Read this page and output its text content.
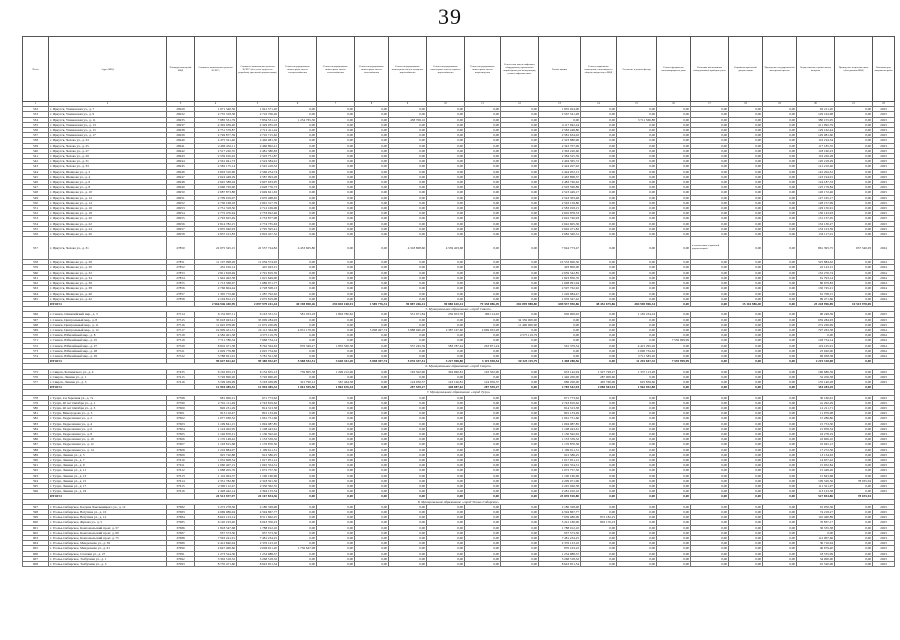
39
№ п/п	Адрес МКД	Площадь помещений МКД	Стоимость капитального ремонта ВСЕГО	Стоимость капитального ремонта ВСЕГО (без учета средств на разработку проектной документации)	Ремонт внутридомовых инженерных систем электроснабжения	Ремонт внутридомовых инженерных систем теплоснабжения	Ремонт внутридомовых инженерных систем газоснабжения	Ремонт внутридомовых инженерных систем холодного водоснабжения	Ремонт внутридомовых инженерных систем горячего водоснабжения	Ремонт внутридомовых инженерных систем водоотведения	Ремонт или замена лифтового оборудования, признанного непригодным для эксплуатации, ремонт лифтовых шахт	Ремонт крыши	Ремонт подвальных помещений, относящихся к общему имуществу в МКД	Утепление и ремонт фасада	Ремонт фундамента многоквартирного дома	Установка коллективных (общедомовых) приборов учета	Разработка проектной документации	Проведение государственной экспертизы проекта	Осуществление строительного контроля	Проведение энергетического обследования МКД	Плановая дата завершения работ
1	2	3	4	5	6	7	8	9	10	11	12	13	14	15	16	17	18	19	20	21	22
532	г. Иркутск, Ушаковская ул., д. 7	20929	1 971 340,56	1 941 571,20	0,00	0,00	0,00	0,00	0,00	0,00	0,00	1 835 024,00	0,00	0,00	0,00	0,00	0,00	0,00	92 211,20	0,00	2023
533	г. Иркутск, Ушаковская ул., д. 9	26932	2 755 318,38	2 716 706,26	0,00	0,00	0,00	0,00	0,00	0,00	0,00	2 567 541,28	0,00	0,00	0,00	0,00	0,00	0,00	129 164,98	0,00	2023
534	г. Иркутск, Ушаковская ул., д. 11	26935	7 985 531,79	7 834 531,12	1 254 765,30	0,00	0,00	458 706,16	0,00	0,00	0,00	0,00	0,00	3 711 566,88	0,00	0,00	0,00	0,00	380 155,95	0,00	2023
535	г. Иркутск, Ушаковская ул., д. 13	26937	4 392 039,40	4 329 035,03	0,00	0,00	0,00	0,00	0,00	0,00	0,00	4 117 942,24	0,00	0,00	0,00	0,00	0,00	0,00	211 092,79	0,00	2023
536	г. Иркутск, Ушаковская ул., д. 15	26938	2 751 579,87	2 712 411,24	0,00	0,00	0,00	0,00	0,00	0,00	0,00	2 583 248,80	0,00	0,00	0,00	0,00	0,00	0,00	129 162,44	0,00	2023
537	г. Иркутск, Ушаковская ул., д. 17	26939	2 749 877,39	2 710 715,62	0,00	0,00	0,00	0,00	0,00	0,00	0,00	2 581 634,02	0,00	0,00	0,00	0,00	0,00	0,00	129 081,60	0,00	2023
538	г. Иркутск, Чехова ул., д. 23	26940	2 475 321,46	2 440 081,30	0,00	0,00	0,00	0,00	0,00	0,00	0,00	2 323 886,96	0,00	0,00	0,00	0,00	0,00	0,00	116 194,34	0,00	2023
539	г. Иркутск, Чехова ул., д. 25	26941	2 496 432,11	2 460 892,41	0,00	0,00	0,00	0,00	0,00	0,00	0,00	2 343 707,06	0,00	0,00	0,00	0,00	0,00	0,00	117 185,35	0,00	2023
540	г. Иркутск, Чехова ул., д. 27	26942	2 517 220,55	2 481 380,83	0,00	0,00	0,00	0,00	0,00	0,00	0,00	2 363 220,60	0,00	0,00	0,00	0,00	0,00	0,00	118 160,23	0,00	2023
541	г. Иркутск, Чехова ул., д. 29	26943	2 539 910,42	2 503 751,87	0,00	0,00	0,00	0,00	0,00	0,00	0,00	2 384 525,59	0,00	0,00	0,00	0,00	0,00	0,00	119 226,28	0,00	2023
542	г. Иркутск, Чехова ул., д. 31	26944	2 561 041,73	2 524 584,01	0,00	0,00	0,00	0,00	0,00	0,00	0,00	2 404 365,72	0,00	0,00	0,00	0,00	0,00	0,00	120 218,29	0,00	2023
543	г. Иркутск, Чехова ул., д. 33	26945	2 582 175,14	2 545 418,32	0,00	0,00	0,00	0,00	0,00	0,00	0,00	2 424 207,92	0,00	0,00	0,00	0,00	0,00	0,00	121 210,40	0,00	2023
544	г. Иркутск, Шевцова ул., д. 2	26946	2 603 310,66	2 566 254,74	0,00	0,00	0,00	0,00	0,00	0,00	0,00	2 444 052,13	0,00	0,00	0,00	0,00	0,00	0,00	122 202,61	0,00	2023
545	г. Иркутск, Шевцова ул., д. 4	26947	2 624 448,29	2 587 093,28	0,00	0,00	0,00	0,00	0,00	0,00	0,00	2 463 898,37	0,00	0,00	0,00	0,00	0,00	0,00	123 194,91	0,00	2023
546	г. Иркутск, Шевцова ул., д. 6	26948	2 645 588,04	2 607 933,95	0,00	0,00	0,00	0,00	0,00	0,00	0,00	2 483 746,62	0,00	0,00	0,00	0,00	0,00	0,00	124 187,33	0,00	2023
547	г. Иркутск, Шевцова ул., д. 8	26949	2 666 729,90	2 628 776,73	0,00	0,00	0,00	0,00	0,00	0,00	0,00	2 503 596,89	0,00	0,00	0,00	0,00	0,00	0,00	125 179,84	0,00	2023
548	г. Иркутск, Шевцова ул., д. 10	26950	2 687 873,88	2 649 621,63	0,00	0,00	0,00	0,00	0,00	0,00	0,00	2 523 449,17	0,00	0,00	0,00	0,00	0,00	0,00	126 172,46	0,00	2023
549	г. Иркутск, Шевцова ул., д. 12	26951	2 709 019,97	2 670 468,65	0,00	0,00	0,00	0,00	0,00	0,00	0,00	2 543 303,48	0,00	0,00	0,00	0,00	0,00	0,00	127 165,17	0,00	2023
550	г. Иркутск, Шевцова ул., д. 14	26952	2 730 168,18	2 691 317,79	0,00	0,00	0,00	0,00	0,00	0,00	0,00	2 563 159,80	0,00	0,00	0,00	0,00	0,00	0,00	128 157,99	0,00	2023
551	г. Иркутск, Шевцова ул., д. 16	26953	2 751 318,50	2 712 169,06	0,00	0,00	0,00	0,00	0,00	0,00	0,00	2 583 018,15	0,00	0,00	0,00	0,00	0,00	0,00	129 150,91	0,00	2023
552	г. Иркутск, Шевцова ул., д. 18	26954	2 772 470,94	2 733 022,46	0,00	0,00	0,00	0,00	0,00	0,00	0,00	2 602 878,53	0,00	0,00	0,00	0,00	0,00	0,00	130 143,93	0,00	2023
553	г. Иркутск, Шевцова ул., д. 20	26955	2 793 625,49	2 753 877,98	0,00	0,00	0,00	0,00	0,00	0,00	0,00	2 622 740,93	0,00	0,00	0,00	0,00	0,00	0,00	131 137,05	0,00	2023
554	г. Иркутск, Шевцова ул., д. 22	26956	2 814 782,15	2 774 735,63	0,00	0,00	0,00	0,00	0,00	0,00	0,00	2 642 605,36	0,00	0,00	0,00	0,00	0,00	0,00	132 130,27	0,00	2023
555	г. Иркутск, Шевцова ул., д. 24	26957	2 835 940,93	2 795 595,41	0,00	0,00	0,00	0,00	0,00	0,00	0,00	2 662 471,82	0,00	0,00	0,00	0,00	0,00	0,00	133 123,59	0,00	2023
556	г. Иркутск, Шевцова ул., д. 26	26958	2 857 101,83	2 816 457,32	0,00	0,00	0,00	0,00	0,00	0,00	0,00	2 682 340,31	0,00	0,00	0,00	0,00	0,00	0,00	134 117,01	0,00	2023
557	г. Иркутск, Чехова ул., д. 31	27850	22 075 345,15	22 557 724,82	4 453 605,80	0,00	0,00	4 318 808,60	4 539 403,68	0,00	0,00	7 944 773,47	0,00	0,00	0,00	в соответствии с принятой документацией	0,00	0,00	861 395,75	637 540,03	2024
558	г. Иркутск, Шевцова ул., д. 28	27851	11 107 098,26	11 059 574,92	0,00	0,00	0,00	0,00	0,00	0,00	0,00	10 533 690,30	0,00	0,00	0,00	0,00	0,00	0,00	525 884,62	0,00	2024
559	г. Иркутск, Шевцова ул., д. 30	27852	452 016,14	425 943,15	0,00	0,00	0,00	0,00	0,00	0,00	0,00	403 800,00	0,00	0,00	0,00	0,00	0,00	0,00	22 143,15	0,00	2024
560	г. Иркутск, Шевцова ул., д. 32	27853	2 811 818,49	2 791 819,59	0,00	0,00	0,00	0,00	0,00	0,00	0,00	2 659 542,85	0,00	0,00	0,00	0,00	0,00	0,00	132 276,74	0,00	2024
561	г. Иркутск, Шевцова ул., д. 34	27854	1 942 402,58	1 915 649,90	0,00	0,00	0,00	0,00	0,00	0,00	0,00	1 823 856,76	0,00	0,00	0,00	0,00	0,00	0,00	91 793,14	0,00	2024
562	г. Иркутск, Шевцова ул., д. 36	27855	1 713 566,97	1 689 971,77	0,00	0,00	0,00	0,00	0,00	0,00	0,00	1 608 991,94	0,00	0,00	0,00	0,00	0,00	0,00	80 979,83	0,00	2024
563	г. Иркутск, Шевцова ул., д. 38	27856	2 766 604,44	2 728 508,13	0,00	0,00	0,00	0,00	0,00	0,00	0,00	2 597 762,92	0,00	0,00	0,00	0,00	0,00	0,00	130 745,21	0,00	2024
564	г. Иркутск, Шевцова ул., д. 40	27857	1 305 772,66	1 287 792,62	0,00	0,00	0,00	0,00	0,00	0,00	0,00	1 226 084,47	0,00	0,00	0,00	0,00	0,00	0,00	61 708,15	0,00	2024
565	г. Иркутск, Шевцова ул., д. 42	27858	2 104 812,15	2 075 819,08	0,00	0,00	0,00	0,00	0,00	0,00	0,00	1 976 347,42	0,00	0,00	0,00	0,00	0,00	0,00	99 471,66	0,00	2024
	ИТОГО		2 966 946 440,99	2 897 979 241,44	40 198 890,26	294 845 168,91	1 589 776,31	90 887 266,41	90 880 610,41	79 338 086,49	282 099 988,80	689 937 950,86	48 452 675,86	484 590 906,34	0,00	0,00	15 116 986,40	0,00	25 228 996,89	10 515 978,69	
5. Муниципальное образование «город Саянск»																					
566	г. Саянск, Олимпийский мкр., д. 3	37514	6 152 807,11	6 143 331,31	581 033,18	1 804 780,62	0,00	551 071,84	256 953,76	186 114,02	0,00	936 909,02	0,00	1 165 234,24	0,00	0,00	0,00	0,00	96 248,39	0,00	2023
567	г. Саянск, Центральный мкр., д. 8	37515	35 018 043,41	35 009 284,93	0,00	0,00	0,00	0,00	0,00	0,00	34 350 000,00	0,00	0,00	0,00	0,00	0,00	0,00	0,00	659 284,93	0,00	2023
568	г. Саянск, Центральный мкр., д. 11	37516	11 645 078,90	11 672 226,99	0,00	0,00	0,00	0,00	0,00	0,00	11 400 000,00	0,00	0,00	0,00	0,00	0,00	0,00	0,00	272 226,99	0,00	2023
569	г. Саянск, Центральный мкр., д. 12	37517	19 909 431,31	19 112 364,68	4 031 170,06	0,00	5 098 497,74	3 988 040,28	2 387 167,60	2 669 953,28	0,00	0,00	0,00	0,00	0,00	0,00	0,00	0,00	797 263,58	0,00	2024
570	г. Саянск, Юбилейный мкр., д. 8	37518	4 582 401,38	4 575 119,79	0,00	0,00	0,00	0,00	0,00	0,00	4 575 119,79	0,00	0,00	0,00	0,00	0,00	0,00	0,00	0,00	0,00	2024
571	г. Саянск, Юбилейный мкр., д. 25	37519	7 711 786,34	7 668 734,14	0,00	0,00	0,00	0,00	0,00	0,00	0,00	0,00	0,00	0,00	7 539 999,99	0,00	0,00	0,00	128 734,14	0,00	2024
572	г. Саянск, Юбилейный мкр., д. 27	37520	8 810 471,38	8 792 594,63	976 349,27	1 835 560,58	0,00	537 245,39	583 787,44	263 871,24	0,00	561 379,54	0,00	4 415 295,26	0,00	0,00	0,00	0,00	119 105,91	0,00	2024
573	г. Саянск, Юбилейный мкр., д. 28	37521	2 029 779,88	2 025 754,62	0,00	0,00	0,00	0,00	0,00	0,00	0,00	0,00	0,00	2 000 734,62	0,00	0,00	0,00	0,00	25 020,00	0,00	2024
574	г. Саянск, Юбилейный мкр., д. 29	37522	3 788 021,91	3 781 521,58	0,00	0,00	0,00	0,00	0,00	0,00	0,00	0,00	0,00	3 711 583,20	0,00	0,00	0,00	0,00	69 938,38	0,00	2024
	ИТОГО		99 647 821,62	99 380 932,67	5 588 552,51	3 640 341,20	5 098 497,74	5 076 357,51	3 227 908,80	3 119 938,54	50 325 119,79	1 498 288,56	0,00	11 292 847,32	7 539 999,99	0,00	0,00	0,00	2 219 318,08	0,00	
6. Муниципальное образование «город Свирск»																					
575	г. Свирск, Ботвинского ул., д. 4	37435	6 162 655,13	6 152 655,13	739 805,38	1 296 212,06	0,00	163 502,90	304 960,81	163 502,90	0,00	653 142,94	1 327 728,27	1 337 113,28	0,00	0,00	0,00	0,00	166 686,59	0,00	2023
576	г. Свирск, Ленина ул., д. 1	37415	3 726 690,20	3 726 690,20	0,00	0,00	0,00	0,00	0,00	0,00	0,00	1 446 200,00	287 009,60	0,00	0,00	0,00	0,00	0,00	52 456,58	0,00	2023
577	г. Свирск, Ленина ул., д. 3	37416	3 199 439,99	3 193 439,99	321 790,12	567 464,38	0,00	124 056,37	143 126,81	124 056,37	0,00	686 200,00	465 766,06	625 839,60	0,00	0,00	0,00	0,00	135 140,28	0,00	2023
	ИТОГО		12 994 485,32	12 994 485,32	1 061 595,50	1 863 676,44	0,00	287 559,27	448 087,62	287 559,27	0,00	2 785 542,94	2 080 503,93	1 962 952,88	0,00	0,00	0,00	0,00	354 283,45	0,00	
7. Муниципальное образование «город Тулун»																					
578	г. Тулун, 2-я Заречная ул., д. 7а	37598	681 000,21	671 773,62	0,00	0,00	0,00	0,00	0,00	0,00	0,00	671 773,62	0,00	0,00	0,00	0,00	0,00	0,00	30 166,61	0,00	2023
579	г. Тулун, 40 лет Октября ул., д. 1	37599	2 761 111,49	2 743 819,62	0,00	0,00	0,00	0,00	0,00	0,00	0,00	2 743 819,62	0,00	0,00	0,00	0,00	0,00	0,00	41 292,29	0,00	2023
580	г. Тулун, 40 лет Октября ул., д. 3	37600	826 231,29	814 313,58	0,00	0,00	0,00	0,00	0,00	0,00	0,00	814 313,58	0,00	0,00	0,00	0,00	0,00	0,00	12 211,71	0,00	2023
581	г. Тулун, Виноградова ул., д. 3	37601	813 110,47	801 133,49	0,00	0,00	0,00	0,00	0,00	0,00	0,00	801 133,49	0,00	0,00	0,00	0,00	0,00	0,00	11 976,98	0,00	2023
582	г. Тулун, Гидролизная ул., д. 2	37602	1 077 038,52	1 061 751,66	0,00	0,00	0,00	0,00	0,00	0,00	0,00	1 061 751,66	0,00	0,00	0,00	0,00	0,00	0,00	15 286,86	0,00	2023
583	г. Тулун, Гидролизная ул., д. 4	37603	1 109 841,15	1 094 087,85	0,00	0,00	0,00	0,00	0,00	0,00	0,00	1 094 087,85	0,00	0,00	0,00	0,00	0,00	0,00	15 753,30	0,00	2023
584	г. Тулун, Гидролизная ул., д. 6	37604	1 124 402,95	1 108 443,61	0,00	0,00	0,00	0,00	0,00	0,00	0,00	1 108 443,61	0,00	0,00	0,00	0,00	0,00	0,00	15 959,34	0,00	2023
585	г. Тулун, Гидролизная ул., д. 8	37605	1 146 870,21	1 130 592,02	0,00	0,00	0,00	0,00	0,00	0,00	0,00	1 130 592,02	0,00	0,00	0,00	0,00	0,00	0,00	16 278,19	0,00	2023
586	г. Тулун, Гидролизная ул., д. 10	37606	1 170 148,42	1 153 539,32	0,00	0,00	0,00	0,00	0,00	0,00	0,00	1 153 539,32	0,00	0,00	0,00	0,00	0,00	0,00	16 609,10	0,00	2023
587	г. Тулун, Гидролизная ул., д. 12	37607	1 193 815,68	1 176 870,56	0,00	0,00	0,00	0,00	0,00	0,00	0,00	1 176 870,56	0,00	0,00	0,00	0,00	0,00	0,00	16 945,12	0,00	2023
588	г. Тулун, Гидролизная ул., д. 14	37608	1 216 884,07	1 199 611,51	0,00	0,00	0,00	0,00	0,00	0,00	0,00	1 199 611,51	0,00	0,00	0,00	0,00	0,00	0,00	17 272,56	0,00	2023
589	г. Тулун, Ленина ул., д. 5	37609	925 720,88	912 586,25	0,00	0,00	0,00	0,00	0,00	0,00	0,00	912 586,25	0,00	0,00	0,00	0,00	0,00	0,00	13 134,63	0,00	2023
590	г. Тулун, Ленина ул., д. 7	37610	1 032 608,54	1 017 951,12	0,00	0,00	0,00	0,00	0,00	0,00	0,00	1 017 951,12	0,00	0,00	0,00	0,00	0,00	0,00	14 657,42	0,00	2023
591	г. Тулун, Ленина ул., д. 9	37611	1 060 407,15	1 045 354,31	0,00	0,00	0,00	0,00	0,00	0,00	0,00	1 045 354,31	0,00	0,00	0,00	0,00	0,00	0,00	15 052,84	0,00	2023
592	г. Тулун, Ленина ул., д. 11	37612	1 088 205,76	1 072 757,50	0,00	0,00	0,00	0,00	0,00	0,00	0,00	1 072 757,50	0,00	0,00	0,00	0,00	0,00	0,00	15 448,26	0,00	2023
593	г. Тулун, Ленина ул., д. 13	37613	1 116 004,37	1 100 160,69	0,00	0,00	0,00	0,00	0,00	0,00	0,00	1 100 160,69	0,00	0,00	0,00	0,00	0,00	0,00	15 843,68	0,00	2023
594	г. Тулун, Ленина ул., д. 15	37614	2 351 782,80	2 318 591,56	0,00	0,00	0,00	0,00	0,00	0,00	0,00	2 209 071,00	0,00	0,00	0,00	0,00	0,00	0,00	109 520,56	78 035,94	2023
595	г. Тулун, Ленина ул., д. 17	37615	2 390 112,47	2 356 362,55	0,00	0,00	0,00	0,00	0,00	0,00	0,00	2 245 040,58	0,00	0,00	0,00	0,00	0,00	0,00	111 321,97	0,00	2023
596	г. Тулун, Ленина ул., д. 19	37616	2 428 442,14	2 394 133,54	0,00	0,00	0,00	0,00	0,00	0,00	0,00	2 281 010,16	0,00	0,00	0,00	0,00	0,00	0,00	113 123,38	0,00	2023
	ИТОГО		24 513 937,97	24 167 834,36	0,00	0,00	0,00	0,00	0,00	0,00	0,00	23 839 910,80	0,00	0,00	0,00	0,00	0,00	0,00	527 854,86	78 035,94	
8. Муниципальное образование «город Усолье-Сибирское»																					
597	г. Усолье-Сибирское, Богдана Хмельницкого ул., д. 12	37682	2 272 278,36	2 180 328,00	0,00	0,00	0,00	0,00	0,00	0,00	0,00	2 180 328,00	0,00	0,00	0,00	0,00	0,00	0,00	91 950,36	0,00	2023
598	г. Усолье-Сибирское, Ватутина ул., д. 10	37683	4 669 086,04	4 594 867,77	0,00	0,00	0,00	0,00	0,00	0,00	0,00	4 594 867,77	0,00	0,00	0,00	0,00	0,00	0,00	74 218,27	0,00	2023
599	г. Усолье-Сибирское, Ватутина ул., д. 12	37684	8 622 123,14	8 511 662,25	0,00	0,00	0,00	0,00	0,00	0,00	0,00	7 639 480,00	872 182,25	0,00	0,00	0,00	0,00	0,00	110 460,89	0,00	2023
600	г. Усолье-Сибирское, Жукова ул., д. 5	37685	6 120 193,40	6 043 356,23	0,00	0,00	0,00	0,00	0,00	0,00	0,00	5 241 180,00	802 176,23	0,00	0,00	0,00	0,00	0,00	76 837,17	0,00	2023
601	г. Усолье-Сибирское, Комсомольский пр-кт, д. 57	37686	1 818 547,68	1 788 012,10	0,00	0,00	0,00	0,00	0,00	0,00	0,00	1 788 012,10	0,00	0,00	0,00	0,00	0,00	0,00	30 535,58	0,00	2023
602	г. Усолье-Сибирское, Комсомольский пр-кт, д. 69	37687	957 573,30	957 573,30	0,00	0,00	0,00	0,00	0,00	0,00	0,00	957 573,30	0,00	0,00	0,00	0,00	0,00	0,00	0,00	0,00	2023
603	г. Усолье-Сибирское, Комсомольский пр-кт, д. 75	37688	7 593 241,91	7 481 234,25	0,00	0,00	0,00	0,00	0,00	0,00	0,00	7 481 234,25	0,00	0,00	0,00	0,00	0,00	0,00	112 007,66	0,00	2023
604	г. Усолье-Сибирское, Менделеева ул., д. 39	37689	2 412 840,04	2 376 123,10	0,00	0,00	0,00	0,00	0,00	0,00	0,00	2 376 123,10	0,00	0,00	0,00	0,00	0,00	0,00	36 716,94	0,00	2023
605	г. Усолье-Сибирское, Менделеева ул., д. 61	37690	2 647 490,60	2 606 811,20	1 736 647,98	0,00	0,00	0,00	0,00	0,00	0,00	870 163,22	0,00	0,00	0,00	0,00	0,00	0,00	40 679,40	0,00	2023
606	г. Усолье-Сибирское, Стопани ул., д. 27	37691	1 273 524,36	1 254 988,37	0,00	0,00	0,00	0,00	0,00	0,00	0,00	1 254 988,37	0,00	0,00	0,00	0,00	0,00	0,00	18 535,99	0,00	2023
607	г. Усолье-Сибирское, Толбухина ул., д. 1	37692	3 302 518,32	3 268 518,32	0,00	0,00	0,00	0,00	0,00	0,00	0,00	3 268 518,32	0,00	0,00	0,00	0,00	0,00	0,00	34 000,00	0,00	2023
608	г. Усолье-Сибирское, Толбухина ул., д. 3	37693	8 735 471,60	8 643 951,54	0,00	0,00	0,00	0,00	0,00	0,00	0,00	8 643 951,54	0,00	0,00	0,00	0,00	0,00	0,00	91 520,06	0,00	2023
